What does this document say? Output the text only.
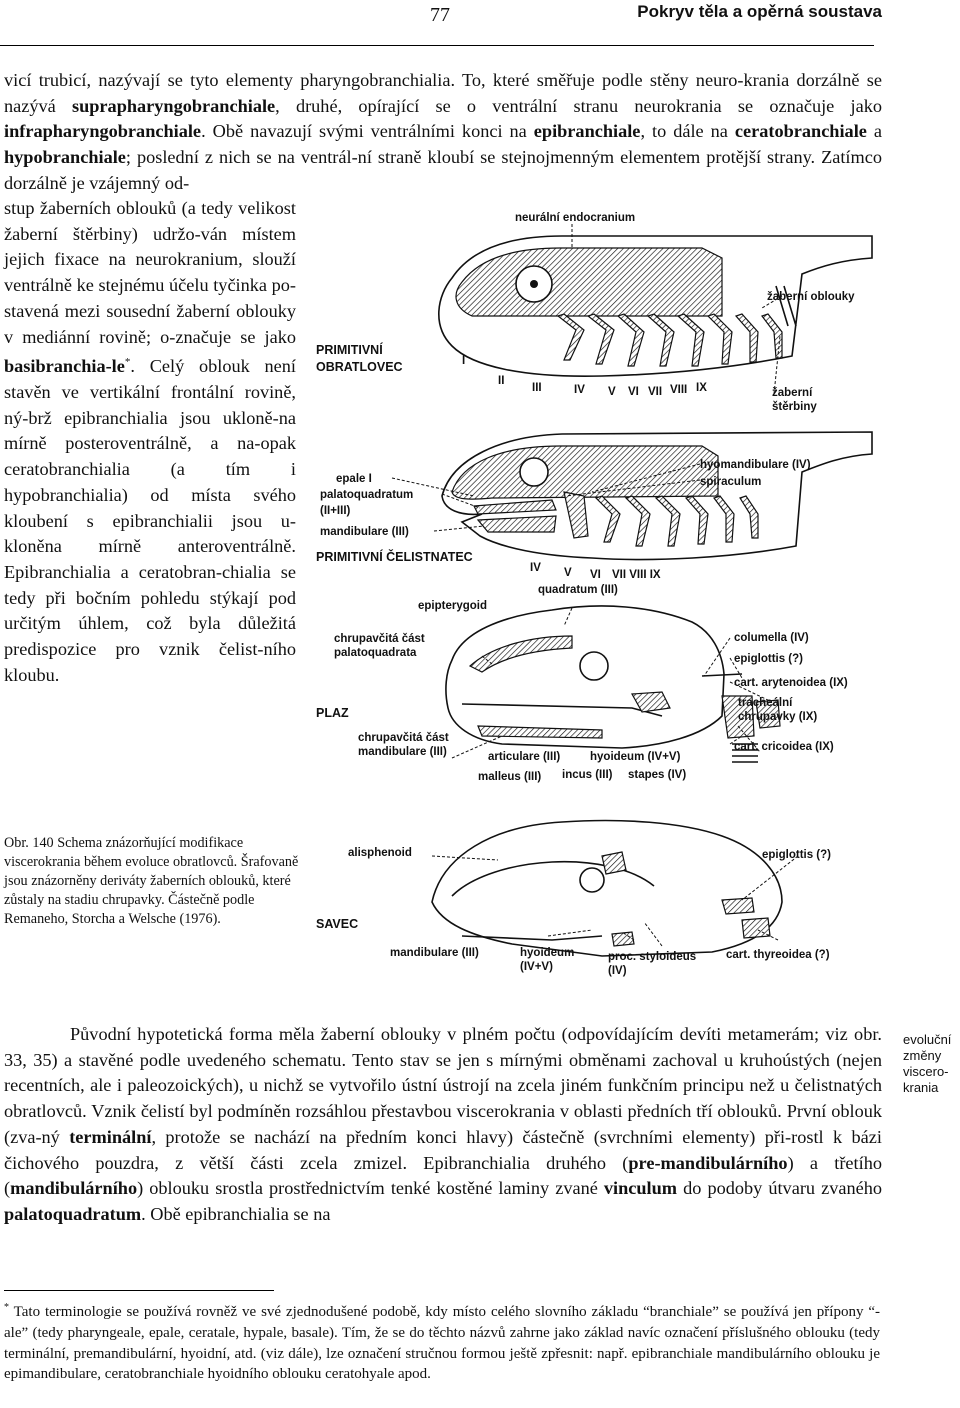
77	Pokryv těla a opěrná soustava

vicí trubicí, nazývají se tyto elementy pharyngobranchialia. To, které směřuje podle stěny neuro-krania dorzálně se nazývá suprapharyngobranchiale, druhé, opírající se o ventrální stranu neurokrania se označuje jako infrapharyngobranchiale. Obě navazují svými ventrálními konci na epibranchiale, to dále na ceratobranchiale a hypobranchiale; poslední z nich se na ventrál-ní straně kloubí se stejnojmenným elementem protější strany. Zatímco dorzálně je vzájemný od-

stup žaberních oblouků (a tedy velikost žaberní štěrbiny) udržo-ván místem jejich fixace na neurokranium, slouží ventrálně ke stejnému účelu tyčinka po-stavená mezi sousední žaberní oblouky v mediánní rovině; o-značuje se jako basibranchia-le*. Celý oblouk není stavěn ve vertikální frontální rovině, ný-brž epibranchialia jsou ukloně-na mírně posteroventrálně, a na-opak ceratobranchialia (a tím i hypobranchialia) od místa svého kloubení s epibranchialii jsou u-kloněna mírně anteroventrálně. Epibranchialia a ceratobran-chialia se tedy při bočním pohledu stýkají pod určitým úhlem, což byla důležitá predispozice pro vznik čelist-ního kloubu.

Obr. 140 Schema znázorňující modifikace viscerokrania během evoluce obratlovců. Šrafovaně jsou znázorněny deriváty žaberních oblouků, které zůstaly na stadiu chrupavky. Částečně podle Remaneho, Storcha a Welsche (1976).
neurální endocranium
žaberní oblouky
PRIMITIVNÍ
OBRATLOVEC
žaberní
štěrbiny
I
II
III	IV V VI VII VIII IX
hyomandibulare (IV)
spiraculum
epale I
palatoquadratum
(II+III)
mandibulare (III)
PRIMITIVNÍ ČELISTNATEC
IV V VI VII VIII IX
quadratum (III)
epipterygoid
chrupavčitá část
palatoquadrata
columella (IV)
epiglottis (?)
cart. arytenoidea (IX)
tracheální
chrupavky (IX)
PLAZ
chrupavčitá část
mandibulare (III)	cart. cricoidea (IX)
articulare (III)	hyoideum (IV+V)
malleus (III) incus (III) stapes (IV)
alisphenoid	epiglottis (?)
SAVEC
mandibulare (III)	hyoideum
(IV+V)
proc. styloideus
(IV)
cart. thyreoidea (?)

Původní hypotetická forma měla žaberní oblouky v plném počtu (odpovídajícím devíti metamerám; viz obr. 33, 35) a stavěné podle uvedeného schematu. Tento stav se jen s mírnými obměnami zachoval u kruhoústých (nejen recentních, ale i paleozoických), u nichž se vytvořilo ústní ústrojí na zcela jiném funkčním principu než u čelistnatých obratlovců. Vznik čelistí byl podmíněn rozsáhlou přestavbou viscerokrania v oblasti předních tří oblouků. První oblouk (zva-ný terminální, protože se nachází na předním konci hlavy) částečně (svrchními elementy) při-rostl k bázi čichového pouzdra, z větší části zcela zmizel. Epibranchialia druhého (pre-mandibulárního) a třetího (mandibulárního) oblouku srostla prostřednictvím tenké kostěné laminy zvané vinculum do podoby útvaru zvaného palatoquadratum. Obě epibranchialia se na

evoluční změny viscero-krania
* Tato terminologie se používá rovněž ve své zjednodušené podobě, kdy místo celého slovního základu “branchiale” se používá jen přípony “-ale” (tedy pharyngeale, epale, ceratale, hypale, basale). Tím, že se do těchto názvů zahrne jako základ navíc označení příslušného oblouku (tedy terminální, premandibulární, hyoidní, atd. (viz dále), lze označení stručnou formou ještě zpřesnit: např. epibranchiale mandibulárního oblouku je epimandibulare, ceratobranchiale hyoidního oblouku ceratohyale apod.
